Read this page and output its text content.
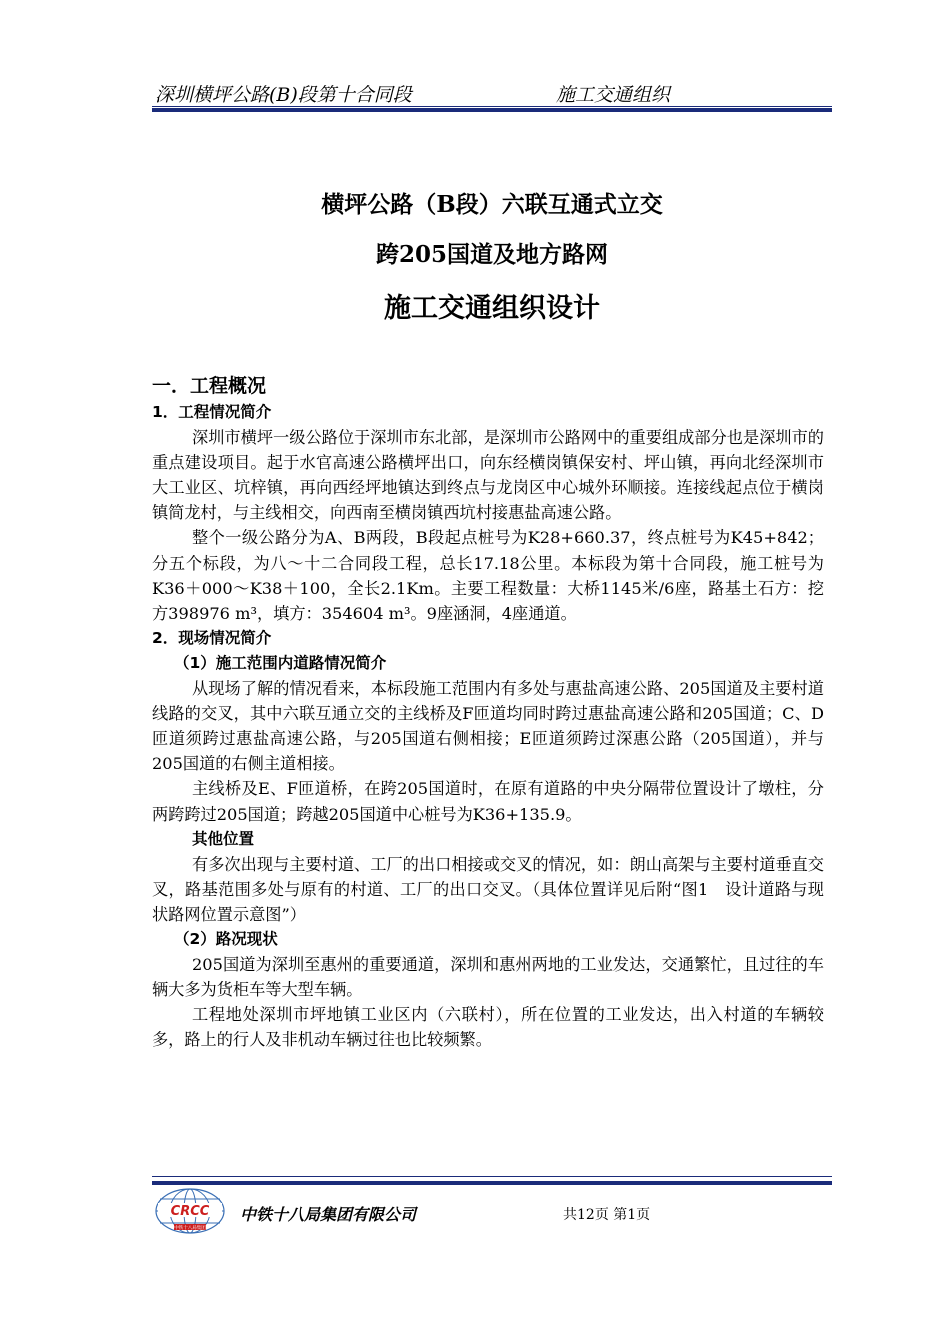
深圳横坪公路(B)段第十合同段	施工交通组织
横坪公路（B段）六联互通式立交
跨205国道及地方路网
施工交通组织设计
一．工程概况
1．工程情况简介

深圳市横坪一级公路位于深圳市东北部，是深圳市公路网中的重要组成部分也是深圳市的重点建设项目。起于水官高速公路横坪出口，向东经横岗镇保安村、坪山镇，再向北经深圳市大工业区、坑梓镇，再向西经坪地镇达到终点与龙岗区中心城外环顺接。连接线起点位于横岗镇简龙村，与主线相交，向西南至横岗镇西坑村接惠盐高速公路。

整个一级公路分为A、B两段，B段起点桩号为K28+660.37，终点桩号为K45+842；分五个标段，为八～十二合同段工程，总长17.18公里。本标段为第十合同段，施工桩号为K36＋000～K38＋100，全长2.1Km。主要工程数量：大桥1145米/6座，路基土石方：挖方398976 m³，填方：354604 m³。9座涵洞，4座通道。

2．现场情况简介
（1）施工范围内道路情况简介

从现场了解的情况看来，本标段施工范围内有多处与惠盐高速公路、205国道及主要村道线路的交叉，其中六联互通立交的主线桥及F匝道均同时跨过惠盐高速公路和205国道；C、D匝道须跨过惠盐高速公路，与205国道右侧相接；E匝道须跨过深惠公路（205国道），并与205国道的右侧主道相接。

主线桥及E、F匝道桥，在跨205国道时，在原有道路的中央分隔带位置设计了墩柱，分两跨跨过205国道；跨越205国道中心桩号为K36+135.9。

其他位置

有多次出现与主要村道、工厂的出口相接或交叉的情况，如：朗山高架与主要村道垂直交叉，路基范围多处与原有的村道、工厂的出口交叉。（具体位置详见后附“图1　设计道路与现状路网位置示意图”）

（2）路况现状

205国道为深圳至惠州的重要通道，深圳和惠州两地的工业发达，交通繁忙，且过往的车辆大多为货柜车等大型车辆。

工程地处深圳市坪地镇工业区内（六联村），所在位置的工业发达，出入村道的车辆较多，路上的行人及非机动车辆过往也比较频繁。

CRCC
中铁十八局集团
中铁十八局集团有限公司	共12页 第1页
